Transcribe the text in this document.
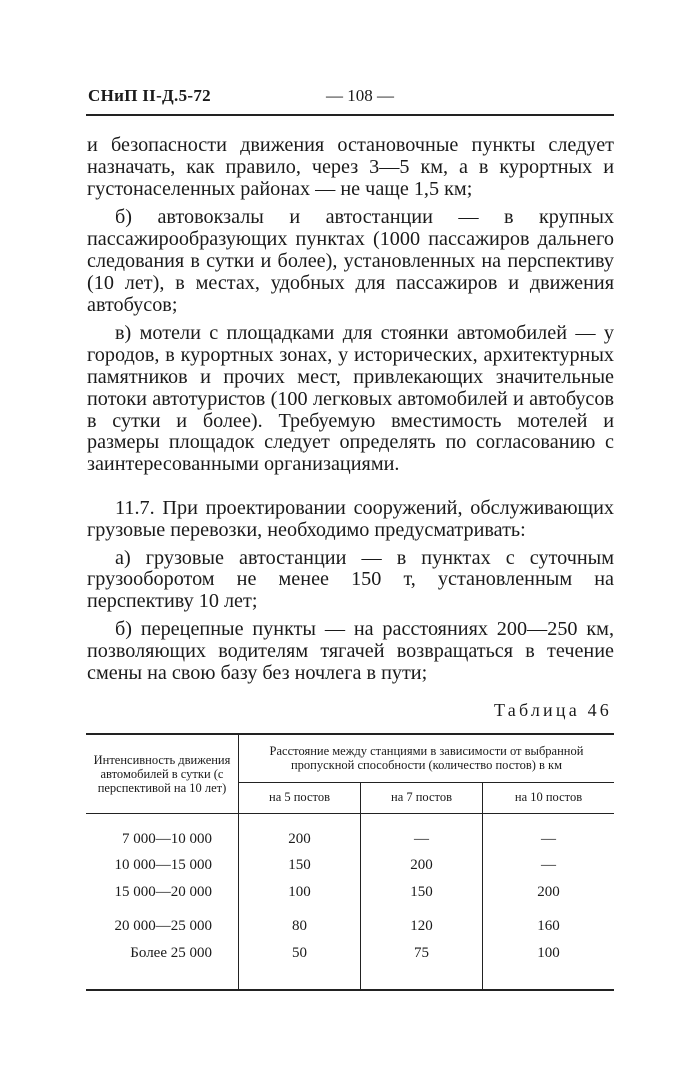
СНиП II-Д.5-72	— 108 —

и безопасности движения остановочные пункты следует назначать, как правило, через 3—5 км, а в курортных и густонаселенных районах — не чаще 1,5 км;

б) автовокзалы и автостанции — в крупных пассажирообразующих пунктах (1000 пассажиров дальнего следования в сутки и более), установленных на перспективу (10 лет), в местах, удобных для пассажиров и движения автобусов;

в) мотели с площадками для стоянки автомобилей — у городов, в курортных зонах, у исторических, архитектурных памятников и прочих мест, привлекающих значительные потоки автотуристов (100 легковых автомобилей и автобусов в сутки и более). Требуемую вместимость мотелей и размеры площадок следует определять по согласованию с заинтересованными организациями.

11.7. При проектировании сооружений, обслуживающих грузовые перевозки, необходимо предусматривать:

а) грузовые автостанции — в пунктах с суточным грузооборотом не менее 150 т, установленным на перспективу 10 лет;

б) перецепные пункты — на расстояниях 200—250 км, позволяющих водителям тягачей возвращаться в течение смены на свою базу без ночлега в пути;

Таблица 46
Интенсивность движения автомобилей в сутки (с перспективой на 10 лет)	Расстояние между станциями в зависимости от выбранной пропускной способности (количество постов) в км		
	на 5 постов	на 7 постов	на 10 постов

7 000—10 000	200	—	—
10 000—15 000	150	200	—
15 000—20 000	100	150	200

20 000—25 000	80	120	160
Более 25 000	50	75	100
